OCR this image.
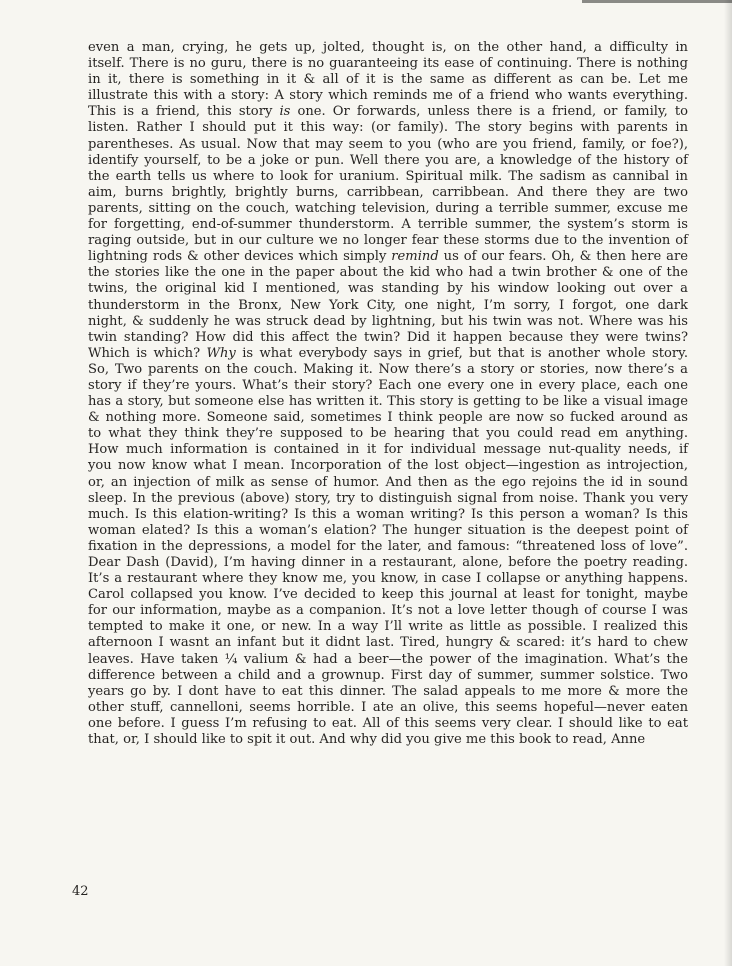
even a man, crying, he gets up, jolted, thought is, on the other hand, a difficulty in
itself. There is no guru, there is no guaranteeing its ease of continuing. There is nothing
in it, there is something in it & all of it is the same as different as can be. Let me
illustrate this with a story: A story which reminds me of a friend who wants everything.
This is a friend, this story is one. Or forwards, unless there is a friend, or family, to
listen. Rather I should put it this way: (or family). The story begins with parents in
parentheses. As usual. Now that may seem to you (who are you friend, family, or foe?),
identify yourself, to be a joke or pun. Well there you are, a knowledge of the history of
the earth tells us where to look for uranium. Spiritual milk. The sadism as cannibal in
aim, burns brightly, brightly burns, carribbean, carribbean. And there they are two
parents, sitting on the couch, watching television, during a terrible summer, excuse me
for forgetting, end-of-summer thunderstorm. A terrible summer, the system’s storm is
raging outside, but in our culture we no longer fear these storms due to the invention of
lightning rods & other devices which simply remind us of our fears. Oh, & then here are
the stories like the one in the paper about the kid who had a twin brother & one of the
twins, the original kid I mentioned, was standing by his window looking out over a
thunderstorm in the Bronx, New York City, one night, I’m sorry, I forgot, one dark
night, & suddenly he was struck dead by lightning, but his twin was not. Where was his
twin standing? How did this affect the twin? Did it happen because they were twins?
Which is which? Why is what everybody says in grief, but that is another whole story.
So, Two parents on the couch. Making it. Now there’s a story or stories, now there’s a
story if they’re yours. What’s their story? Each one every one in every place, each one
has a story, but someone else has written it. This story is getting to be like a visual image
& nothing more. Someone said, sometimes I think people are now so fucked around as
to what they think they’re supposed to be hearing that you could read em anything.
How much information is contained in it for individual message nut-quality needs, if
you now know what I mean. Incorporation of the lost object—ingestion as introjection,
or, an injection of milk as sense of humor. And then as the ego rejoins the id in sound
sleep. In the previous (above) story, try to distinguish signal from noise. Thank you very
much. Is this elation-writing? Is this a woman writing? Is this person a woman? Is this
woman elated? Is this a woman’s elation? The hunger situation is the deepest point of
fixation in the depressions, a model for the later, and famous: “threatened loss of love”.
Dear Dash (David), I’m having dinner in a restaurant, alone, before the poetry reading.
It’s a restaurant where they know me, you know, in case I collapse or anything happens.
Carol collapsed you know. I’ve decided to keep this journal at least for tonight, maybe
for our information, maybe as a companion. It’s not a love letter though of course I was
tempted to make it one, or new. In a way I’ll write as little as possible. I realized this
afternoon I wasnt an infant but it didnt last. Tired, hungry & scared: it’s hard to chew
leaves. Have taken ¼ valium & had a beer—the power of the imagination. What’s the
difference between a child and a grownup. First day of summer, summer solstice. Two
years go by. I dont have to eat this dinner. The salad appeals to me more & more the
other stuff, cannelloni, seems horrible. I ate an olive, this seems hopeful—never eaten
one before. I guess I’m refusing to eat. All of this seems very clear. I should like to eat
that, or, I should like to spit it out. And why did you give me this book to read, Anne
42
